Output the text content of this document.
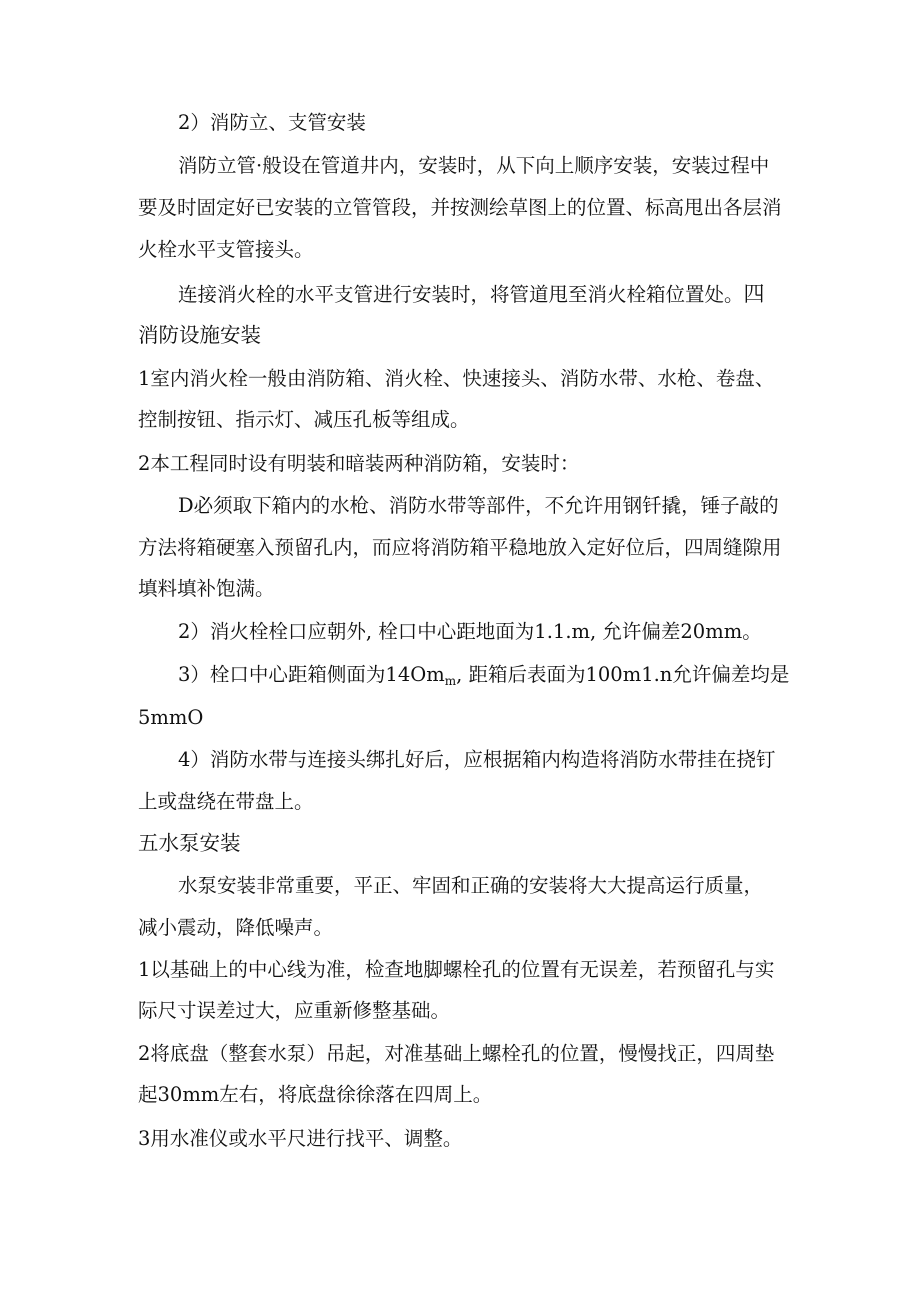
2）消防立、支管安装
消防立管·般设在管道井内，安装时，从下向上顺序安装，安装过程中
要及时固定好已安装的立管管段，并按测绘草图上的位置、标高甩出各层消
火栓水平支管接头。
连接消火栓的水平支管进行安装时，将管道甩至消火栓箱位置处。四
消防设施安装
1室内消火栓一般由消防箱、消火栓、快速接头、消防水带、水枪、卷盘、
控制按钮、指示灯、减压孔板等组成。
2本工程同时设有明装和暗装两种消防箱，安装时：
D必须取下箱内的水枪、消防水带等部件，不允许用钢钎撬，锤子敲的
方法将箱硬塞入预留孔内，而应将消防箱平稳地放入定好位后，四周缝隙用
填料填补饱满。
2）消火栓栓口应朝外, 栓口中心距地面为1.1.m, 允许偏差20mm。
3）栓口中心距箱侧面为$14Om_m$, 距箱后表面为100m1.n允许偏差均是
5mmO
4）消防水带与连接头绑扎好后，应根据箱内构造将消防水带挂在挠钉
上或盘绕在带盘上。
五水泵安装
水泵安装非常重要，平正、牢固和正确的安装将大大提高运行质量，
减小震动，降低噪声。
1以基础上的中心线为准，检查地脚螺栓孔的位置有无误差，若预留孔与实
际尺寸误差过大，应重新修整基础。
2将底盘（整套水泵）吊起，对准基础上螺栓孔的位置，慢慢找正，四周垫
起30mm左右，将底盘徐徐落在四周上。
3用水准仪或水平尺进行找平、调整。
